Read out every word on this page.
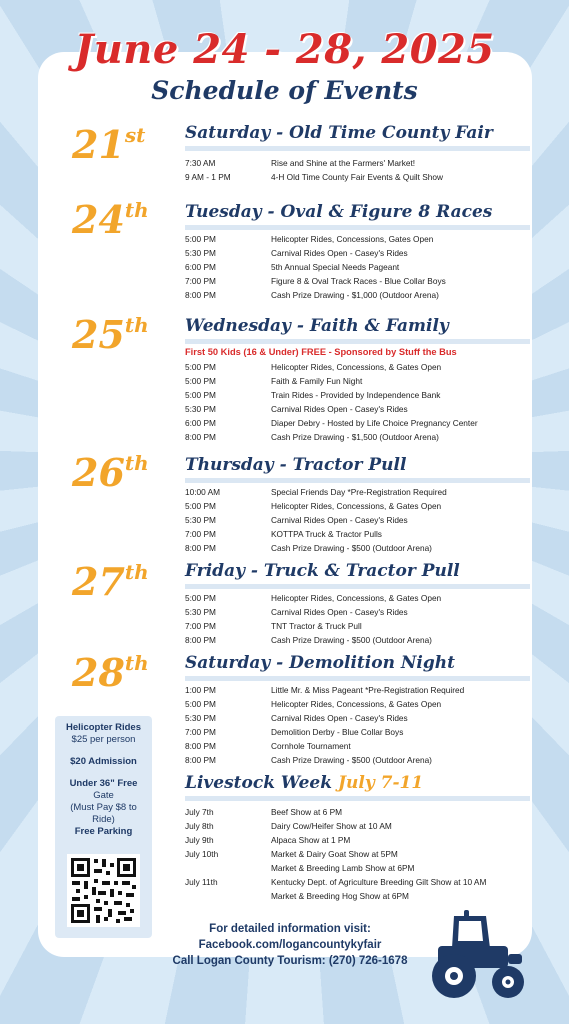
June 24 - 28, 2025
Schedule of Events
21st	Saturday - Old Time County Fair
7:30 AM	Rise and Shine at the Farmers' Market!
9 AM - 1 PM	4-H Old Time County Fair Events & Quilt Show
24th	Tuesday - Oval & Figure 8 Races
5:00 PM	Helicopter Rides, Concessions, Gates Open
5:30 PM	Carnival Rides Open - Casey's Rides
6:00 PM	5th Annual Special Needs Pageant
7:00 PM	Figure 8 & Oval Track Races - Blue Collar Boys
8:00 PM	Cash Prize Drawing - $1,000 (Outdoor Arena)
25th	Wednesday - Faith & Family
First 50 Kids (16 & Under) FREE - Sponsored by Stuff the Bus
5:00 PM	Helicopter Rides, Concessions, & Gates Open
5:00 PM	Faith & Family Fun Night
5:00 PM	Train Rides - Provided by Independence Bank
5:30 PM	Carnival Rides Open - Casey's Rides
6:00 PM	Diaper Debry - Hosted by Life Choice Pregnancy Center
8:00 PM	Cash Prize Drawing - $1,500 (Outdoor Arena)
26th	Thursday - Tractor Pull
10:00 AM	Special Friends Day *Pre-Registration Required
5:00 PM	Helicopter Rides, Concessions, & Gates Open
5:30 PM	Carnival Rides Open - Casey's Rides
7:00 PM	KOTTPA Truck & Tractor Pulls
8:00 PM	Cash Prize Drawing - $500 (Outdoor Arena)
27th	Friday - Truck & Tractor Pull
5:00 PM	Helicopter Rides, Concessions, & Gates Open
5:30 PM	Carnival Rides Open - Casey's Rides
7:00 PM	TNT Tractor & Truck Pull
8:00 PM	Cash Prize Drawing - $500 (Outdoor Arena)
28th	Saturday - Demolition Night
1:00 PM	Little Mr. & Miss Pageant *Pre-Registration Required
5:00 PM	Helicopter Rides, Concessions, & Gates Open
5:30 PM	Carnival Rides Open - Casey's Rides
7:00 PM	Demolition Derby - Blue Collar Boys
8:00 PM	Cornhole Tournament
8:00 PM	Cash Prize Drawing - $500 (Outdoor Arena)
Livestock Week July 7-11
July 7th	Beef Show at 6 PM
July 8th	Dairy Cow/Heifer Show at 10 AM
July 9th	Alpaca Show at 1 PM
July 10th	Market & Dairy Goat Show at 5PM
Market & Breeding Lamb Show at 6PM
July 11th	Kentucky Dept. of Agriculture Breeding Gilt Show at 10 AM
Market & Breeding Hog Show at 6PM
Helicopter Rides
$25 per person
$20 Admission
Under 36" Free
Gate
(Must Pay $8 to
Ride)
Free Parking
For detailed information visit:
Facebook.com/logancountykyfair
Call Logan County Tourism: (270) 726-1678
